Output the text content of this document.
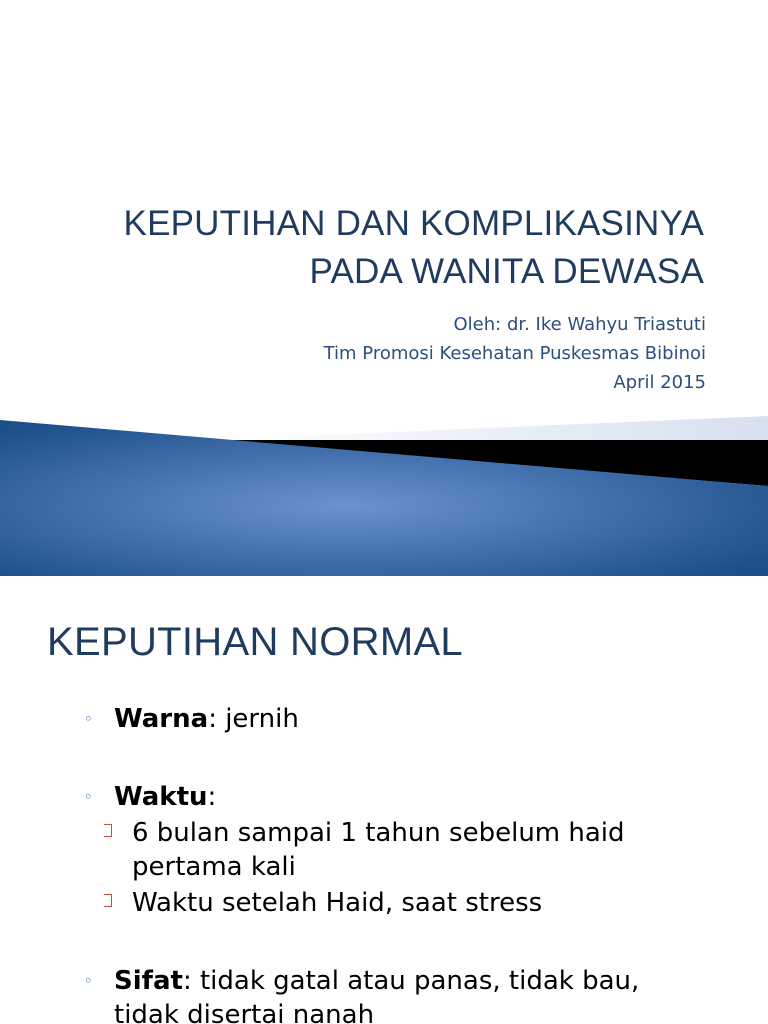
KEPUTIHAN DAN KOMPLIKASINYA
PADA WANITA DEWASA
Oleh: dr. Ike Wahyu Triastuti
Tim Promosi Kesehatan Puskesmas Bibinoi
April 2015
KEPUTIHAN NORMAL
◦ Warna: jernih
◦ Waktu:
6 bulan sampai 1 tahun sebelum haid pertama kali
Waktu setelah Haid, saat stress
◦ Sifat: tidak gatal atau panas, tidak bau,
tidak disertai nanah
